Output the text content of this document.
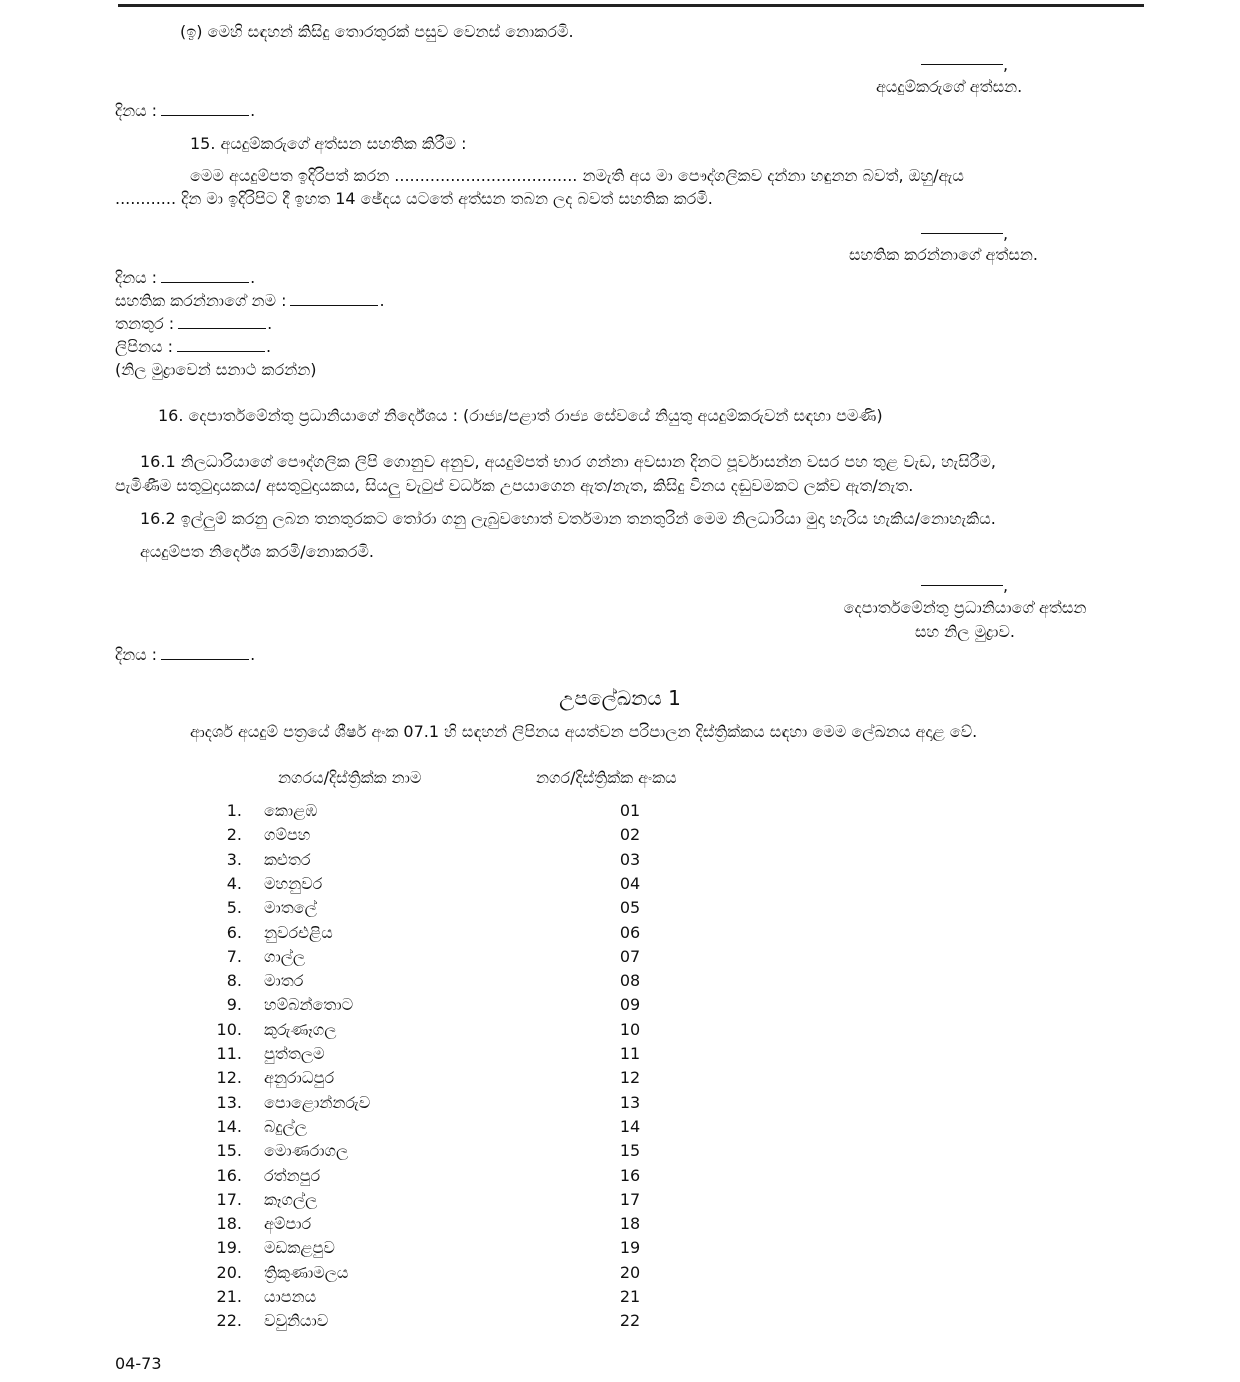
(ඉ) මෙහි සඳහන් කිසිදු තොරතුරක් පසුව වෙනස් නොකරමි.
,
අයදුම්කරුගේ අත්සන.
දිනය :	.
15. අයදුම්කරුගේ අත්සන සහතික කිරීම :
මෙම අයදුම්පත ඉදිරිපත් කරන .................................... නමැති අය මා පෞද්ගලිකව දන්නා හඳුනන බවත්, ඔහු/ඇය
............ දින මා ඉදිරිපිට දී ඉහත 14 ඡේදය යටතේ අත්සන තබන ලද බවත් සහතික කරමි.
,
සහතික කරන්නාගේ අත්සන.
දිනය :	.
සහතික කරන්නාගේ නම :	.
තනතුර :	.
ලිපිනය :	.
(නිල මුද්‍රාවෙන් සනාථ කරන්න)
16. දෙපාර්තමේන්තු ප්‍රධානියාගේ නිර්දේශය : (රාජ්‍ය/පළාත් රාජ්‍ය සේවයේ නියුතු අයදුම්කරුවන් සඳහා පමණි)
16.1 නිලධාරියාගේ පෞද්ගලික ලිපි ගොනුව අනුව, අයදුම්පත් භාර ගන්නා අවසාන දිනට පූර්වාසන්න වසර පහ තුළ වැඩ, හැසිරීම,
පැමිණීම සතුටුදායකය/ අසතුටුදායකය, සියලු වැටුප් වර්ධක උපයාගෙන ඇත/නැත, කිසිදු විනය දඬුවමකට ලක්ව ඇත/නැත.
16.2 ඉල්ලුම් කරනු ලබන තනතුරකට තෝරා ගනු ලැබුවහොත් වර්තමාන තනතුරින් මෙම නිලධාරියා මුදා හැරිය හැකිය/නොහැකිය.
අයදුම්පත නිර්දේශ කරමි/නොකරමි.
,
දෙපාර්තමේන්තු ප්‍රධානියාගේ අත්සන
සහ නිල මුද්‍රාව.
දිනය :	.
උපලේඛනය 1
ආදර්ශ අයදුම් පත්‍රයේ ශීර්ෂ අංක 07.1 හි සඳහන් ලිපිනය අයත්වන පරිපාලන දිස්ත්‍රික්කය සඳහා මෙම ලේඛනය අදාළ වේ.
නගරය/දිස්ත්‍රික්ක නාම	නගර/දිස්ත්‍රික්ක අංකය
1. කොළඹ	01
2. ගම්පහ	02
3. කළුතර	03
4. මහනුවර	04
5. මාතලේ	05
6. නුවරඑළිය	06
7. ගාල්ල	07
8. මාතර	08
9. හම්බන්තොට	09
10. කුරුණෑගල	10
11. පුත්තලම	11
12. අනුරාධපුර	12
13. පොළොන්නරුව	13
14. බදුල්ල	14
15. මොණරාගල	15
16. රත්නපුර	16
17. කෑගල්ල	17
18. අම්පාර	18
19. මඩකළපුව	19
20. ත්‍රිකුණාමලය	20
21. යාපනය	21
22. වවුනියාව	22
04-73
